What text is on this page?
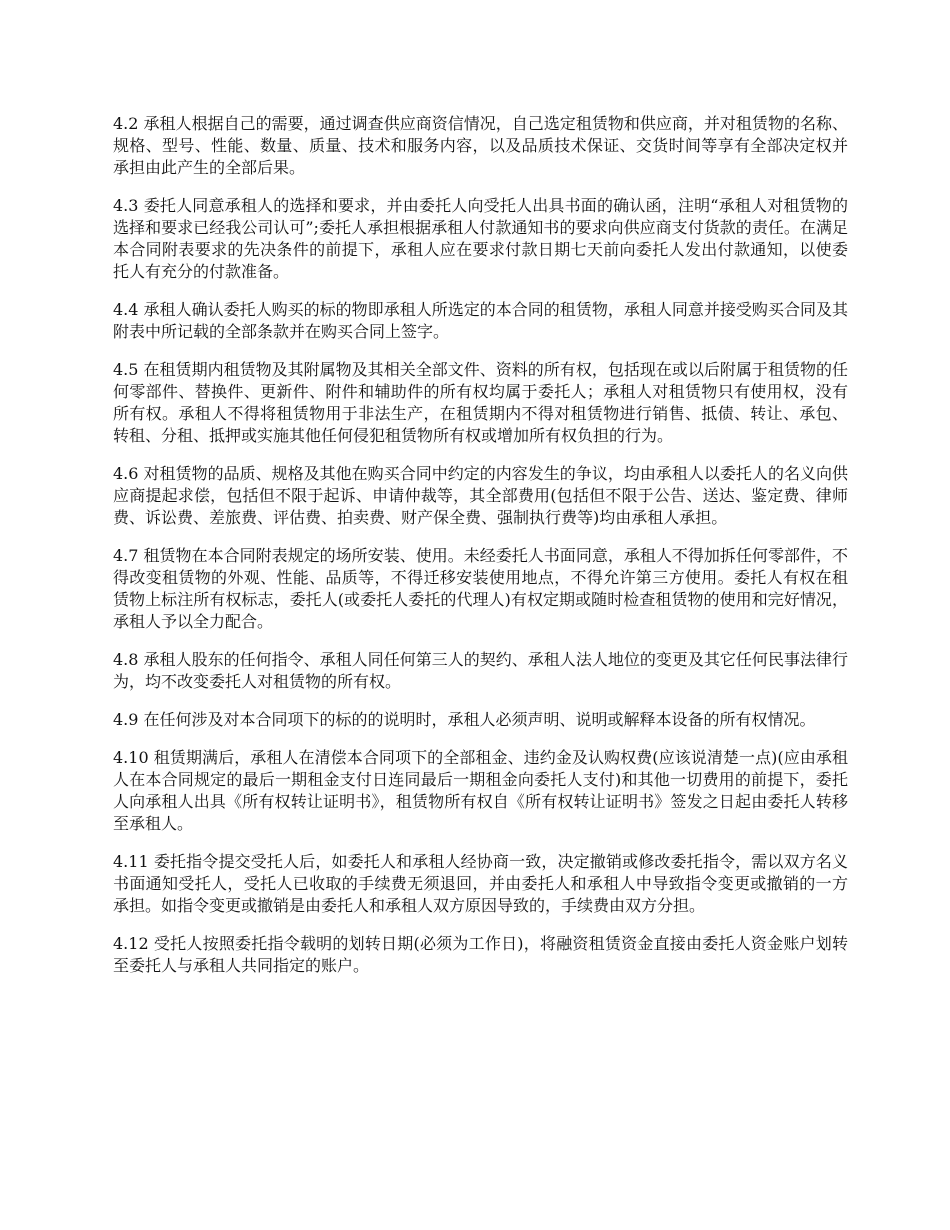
4.2 承租人根据自己的需要，通过调查供应商资信情况，自己选定租赁物和供应商，并对租赁物的名称、规格、型号、性能、数量、质量、技术和服务内容，以及品质技术保证、交货时间等享有全部决定权并承担由此产生的全部后果。

4.3 委托人同意承租人的选择和要求，并由委托人向受托人出具书面的确认函，注明“承租人对租赁物的选择和要求已经我公司认可”;委托人承担根据承租人付款通知书的要求向供应商支付货款的责任。在满足本合同附表要求的先决条件的前提下，承租人应在要求付款日期七天前向委托人发出付款通知，以使委托人有充分的付款准备。

4.4 承租人确认委托人购买的标的物即承租人所选定的本合同的租赁物，承租人同意并接受购买合同及其附表中所记载的全部条款并在购买合同上签字。

4.5 在租赁期内租赁物及其附属物及其相关全部文件、资料的所有权，包括现在或以后附属于租赁物的任何零部件、替换件、更新件、附件和辅助件的所有权均属于委托人；承租人对租赁物只有使用权，没有所有权。承租人不得将租赁物用于非法生产，在租赁期内不得对租赁物进行销售、抵债、转让、承包、转租、分租、抵押或实施其他任何侵犯租赁物所有权或增加所有权负担的行为。

4.6 对租赁物的品质、规格及其他在购买合同中约定的内容发生的争议，均由承租人以委托人的名义向供应商提起求偿，包括但不限于起诉、申请仲裁等，其全部费用(包括但不限于公告、送达、鉴定费、律师费、诉讼费、差旅费、评估费、拍卖费、财产保全费、强制执行费等)均由承租人承担。

4.7 租赁物在本合同附表规定的场所安装、使用。未经委托人书面同意，承租人不得加拆任何零部件，不得改变租赁物的外观、性能、品质等，不得迁移安装使用地点，不得允许第三方使用。委托人有权在租赁物上标注所有权标志，委托人(或委托人委托的代理人)有权定期或随时检查租赁物的使用和完好情况，承租人予以全力配合。

4.8 承租人股东的任何指令、承租人同任何第三人的契约、承租人法人地位的变更及其它任何民事法律行为，均不改变委托人对租赁物的所有权。

4.9 在任何涉及对本合同项下的标的的说明时，承租人必须声明、说明或解释本设备的所有权情况。

4.10 租赁期满后，承租人在清偿本合同项下的全部租金、违约金及认购权费(应该说清楚一点)(应由承租人在本合同规定的最后一期租金支付日连同最后一期租金向委托人支付)和其他一切费用的前提下，委托人向承租人出具《所有权转让证明书》，租赁物所有权自《所有权转让证明书》签发之日起由委托人转移至承租人。

4.11 委托指令提交受托人后，如委托人和承租人经协商一致，决定撤销或修改委托指令，需以双方名义书面通知受托人，受托人已收取的手续费无须退回，并由委托人和承租人中导致指令变更或撤销的一方承担。如指令变更或撤销是由委托人和承租人双方原因导致的，手续费由双方分担。

4.12 受托人按照委托指令载明的划转日期(必须为工作日)，将融资租赁资金直接由委托人资金账户划转至委托人与承租人共同指定的账户。
